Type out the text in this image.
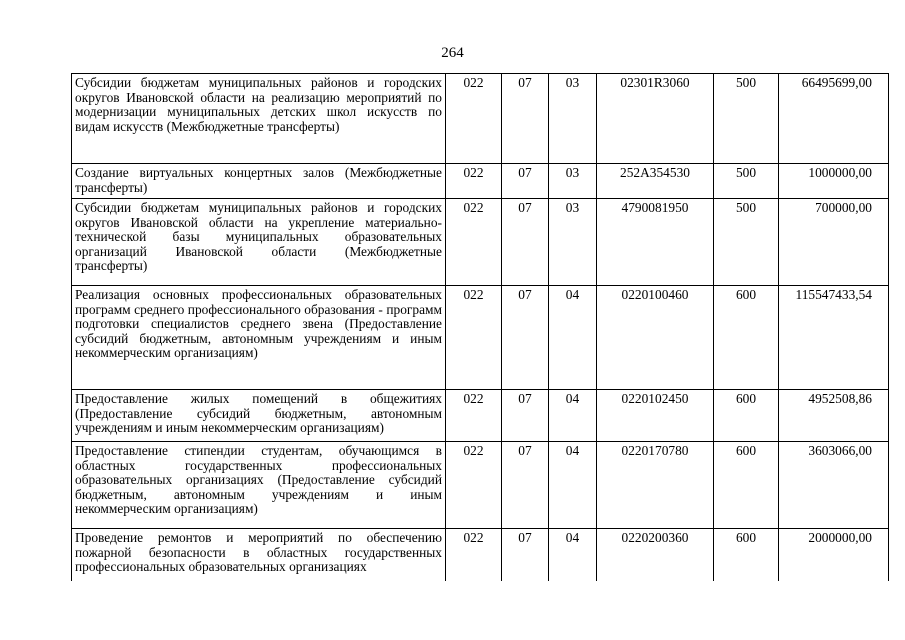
264
Субсидии бюджетам муниципальных районов и городских округов Ивановской области на реализацию мероприятий по модернизации муниципальных детских школ искусств по видам искусств (Межбюджетные трансферты)	022	07	03	02301R3060	500	66495699,00
Создание виртуальных концертных залов (Межбюджетные трансферты)	022	07	03	252A354530	500	1000000,00
Субсидии бюджетам муниципальных районов и городских округов Ивановской области на укрепление материально-технической базы муниципальных образовательных организаций Ивановской области (Межбюджетные трансферты)	022	07	03	4790081950	500	700000,00
Реализация основных профессиональных образовательных программ среднего профессионального образования - программ подготовки специалистов среднего звена (Предоставление субсидий бюджетным, автономным учреждениям и иным некоммерческим организациям)	022	07	04	0220100460	600	115547433,54
Предоставление жилых помещений в общежитиях (Предоставление субсидий бюджетным, автономным учреждениям и иным некоммерческим организациям)	022	07	04	0220102450	600	4952508,86
Предоставление стипендии студентам, обучающимся в областных государственных профессиональных образовательных организациях (Предоставление субсидий бюджетным, автономным учреждениям и иным некоммерческим организациям)	022	07	04	0220170780	600	3603066,00
Проведение ремонтов и мероприятий по обеспечению пожарной безопасности в областных государственных профессиональных образовательных организациях	022	07	04	0220200360	600	2000000,00
